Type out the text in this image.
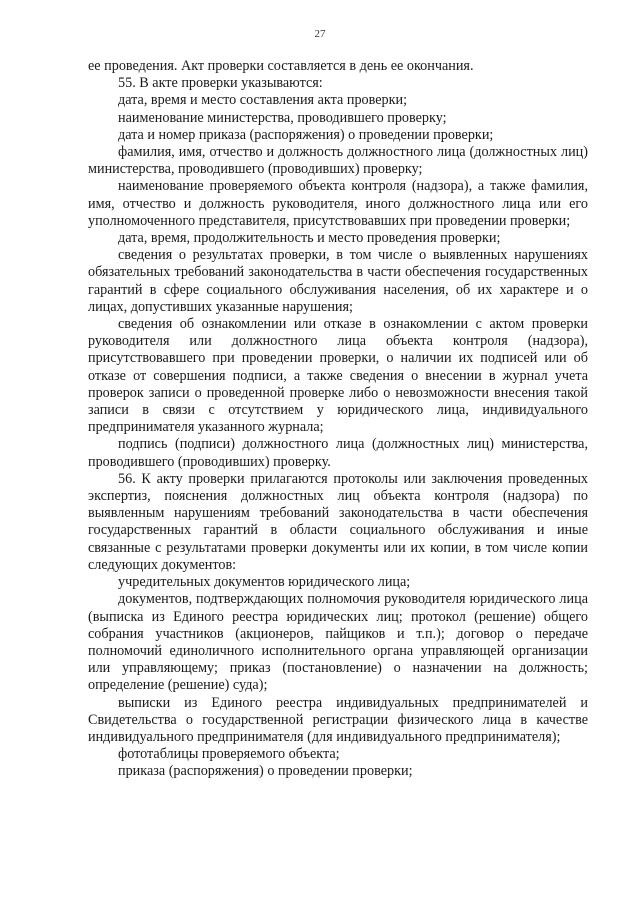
27

ее проведения. Акт проверки составляется в день ее окончания.

55. В акте проверки указываются:

дата, время и место составления акта проверки;

наименование министерства, проводившего проверку;

дата и номер приказа (распоряжения) о проведении проверки;

фамилия, имя, отчество и должность должностного лица (должностных лиц) министерства, проводившего (проводивших) проверку;

наименование проверяемого объекта контроля (надзора), а также фамилия, имя, отчество и должность руководителя, иного должностного лица или его уполномоченного представителя, присутствовавших при проведении проверки;

дата, время, продолжительность и место проведения проверки;

сведения о результатах проверки, в том числе о выявленных нарушениях обязательных требований законодательства в части обеспечения государственных гарантий в сфере социального обслуживания населения, об их характере и о лицах, допустивших указанные нарушения;

сведения об ознакомлении или отказе в ознакомлении с актом проверки руководителя или должностного лица объекта контроля (надзора), присутствовавшего при проведении проверки, о наличии их подписей или об отказе от совершения подписи, а также сведения о внесении в журнал учета проверок записи о проведенной проверке либо о невозможности внесения такой записи в связи с отсутствием у юридического лица, индивидуального предпринимателя указанного журнала;

подпись (подписи) должностного лица (должностных лиц) министерства, проводившего (проводивших) проверку.

56. К акту проверки прилагаются протоколы или заключения проведенных экспертиз, пояснения должностных лиц объекта контроля (надзора) по выявленным нарушениям требований законодательства в части обеспечения государственных гарантий в области социального обслуживания и иные связанные с результатами проверки документы или их копии, в том числе копии следующих документов:

учредительных документов юридического лица;

документов, подтверждающих полномочия руководителя юридического лица (выписка из Единого реестра юридических лиц; протокол (решение) общего собрания участников (акционеров, пайщиков и т.п.); договор о передаче полномочий единоличного исполнительного органа управляющей организации или управляющему; приказ (постановление) о назначении на должность; определение (решение) суда);

выписки из Единого реестра индивидуальных предпринимателей и Свидетельства о государственной регистрации физического лица в качестве индивидуального предпринимателя (для индивидуального предпринимателя);

фототаблицы проверяемого объекта;

приказа (распоряжения) о проведении проверки;
